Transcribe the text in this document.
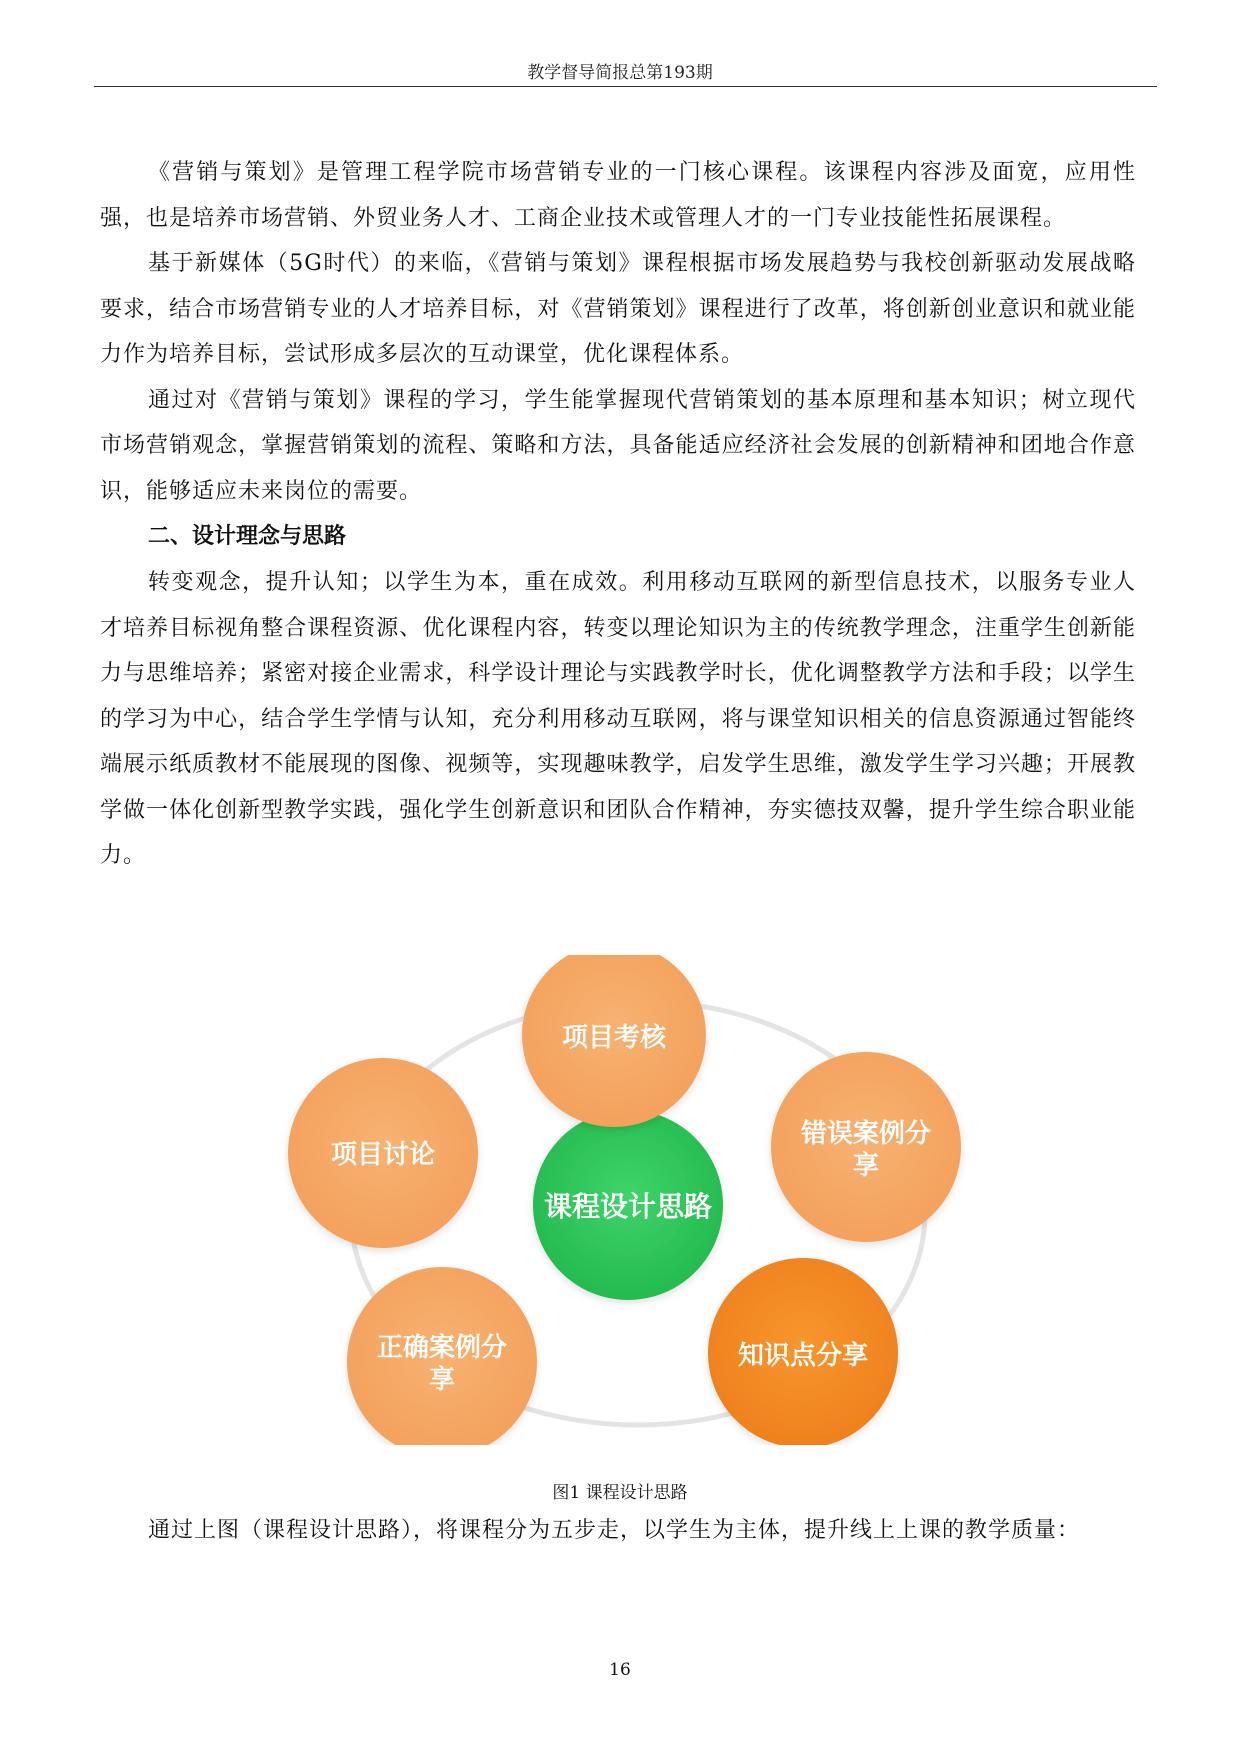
教学督导简报总第193期

《营销与策划》是管理工程学院市场营销专业的一门核心课程。该课程内容涉及面宽，应用性强，也是培养市场营销、外贸业务人才、工商企业技术或管理人才的一门专业技能性拓展课程。

基于新媒体（5G时代）的来临，《营销与策划》课程根据市场发展趋势与我校创新驱动发展战略要求，结合市场营销专业的人才培养目标，对《营销策划》课程进行了改革，将创新创业意识和就业能力作为培养目标，尝试形成多层次的互动课堂，优化课程体系。

通过对《营销与策划》课程的学习，学生能掌握现代营销策划的基本原理和基本知识；树立现代市场营销观念，掌握营销策划的流程、策略和方法，具备能适应经济社会发展的创新精神和团地合作意识，能够适应未来岗位的需要。

二、设计理念与思路

转变观念，提升认知；以学生为本，重在成效。利用移动互联网的新型信息技术，以服务专业人才培养目标视角整合课程资源、优化课程内容，转变以理论知识为主的传统教学理念，注重学生创新能力与思维培养；紧密对接企业需求，科学设计理论与实践教学时长，优化调整教学方法和手段；以学生的学习为中心，结合学生学情与认知，充分利用移动互联网，将与课堂知识相关的信息资源通过智能终端展示纸质教材不能展现的图像、视频等，实现趣味教学，启发学生思维，激发学生学习兴趣；开展教学做一体化创新型教学实践，强化学生创新意识和团队合作精神，夯实德技双馨，提升学生综合职业能力。

课程设计思路
项目考核
错误案例分
享
知识点分享
正确案例分
享
项目讨论
图1 课程设计思路

通过上图（课程设计思路），将课程分为五步走，以学生为主体，提升线上上课的教学质量：

16
